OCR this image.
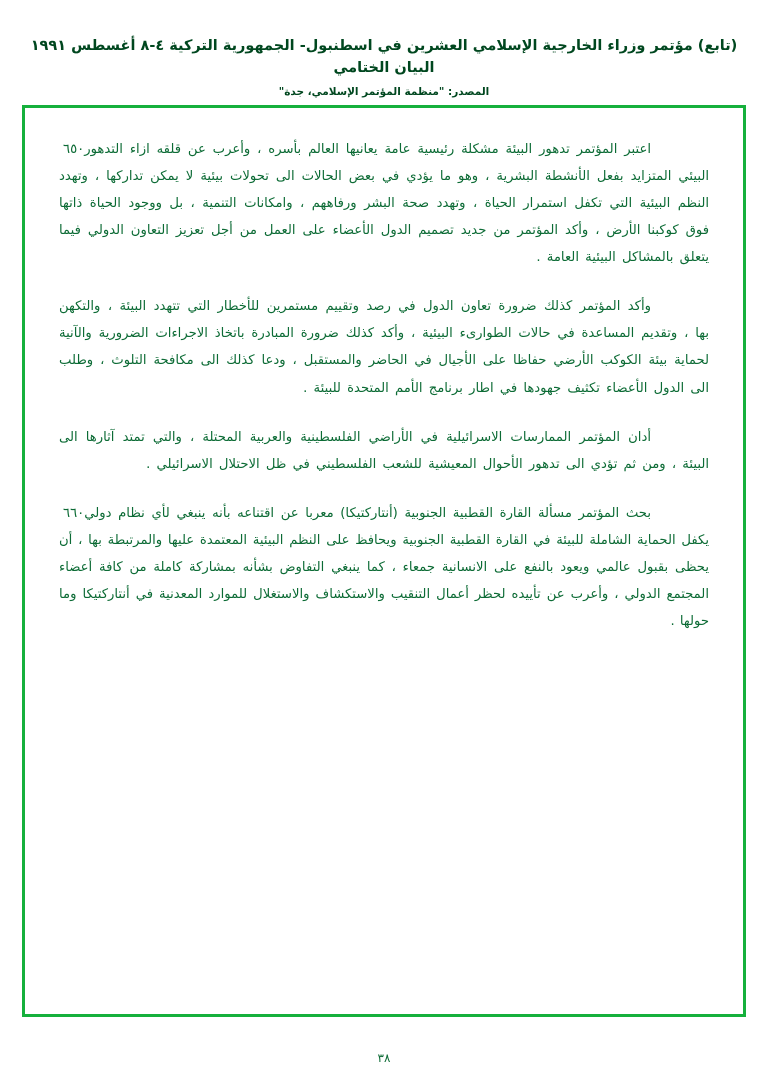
(تابع) مؤتمر وزراء الخارجية الإسلامي العشرين في اسطنبول- الجمهورية التركية ٤-٨ أغسطس ١٩٩١ البيان الختامي
المصدر: "منظمة المؤتمر الإسلامي، جدة"

٦٥٠ اعتبر المؤتمر تدهور البيئة مشكلة رئيسية عامة يعانيها العالم بأسره ، وأعرب عن قلقه ازاء التدهور البيئي المتزايد بفعل الأنشطة البشرية ، وهو ما يؤدي في بعض الحالات الى تحولات بيئية لا يمكن تداركها ، وتهدد النظم البيئية التي تكفل استمرار الحياة ، وتهدد صحة البشر ورفاههم ، وامكانات التنمية ، بل ووجود الحياة ذاتها فوق كوكبنا الأرض ، وأكد المؤتمر من جديد تصميم الدول الأعضاء على العمل من أجل تعزيز التعاون الدولي فيما يتعلق بالمشاكل البيئية العامة .

وأكد المؤتمر كذلك ضرورة تعاون الدول في رصد وتقييم مستمرين للأخطار التي تتهدد البيئة ، والتكهن بها ، وتقديم المساعدة في حالات الطوارىء البيئية ، وأكد كذلك ضرورة المبادرة باتخاذ الاجراءات الضرورية والآنية لحماية بيئة الكوكب الأرضي حفاظا على الأجيال في الحاضر والمستقبل ، ودعا كذلك الى مكافحة التلوث ، وطلب الى الدول الأعضاء تكثيف جهودها في اطار برنامج الأمم المتحدة للبيئة .

أدان المؤتمر الممارسات الاسرائيلية في الأراضي الفلسطينية والعربية المحتلة ، والتي تمتد آثارها الى البيئة ، ومن ثم تؤدي الى تدهور الأحوال المعيشية للشعب الفلسطيني في ظل الاحتلال الاسرائيلي .

٦٦٠ بحث المؤتمر مسألة القارة القطبية الجنوبية (أنتاركتيكا) معربا عن اقتناعه بأنه ينبغي لأي نظام دولي يكفل الحماية الشاملة للبيئة في القارة القطبية الجنوبية ويحافظ على النظم البيئية المعتمدة عليها والمرتبطة بها ، أن يحظى بقبول عالمي ويعود بالنفع على الانسانية جمعاء ، كما ينبغي التفاوض بشأنه بمشاركة كاملة من كافة أعضاء المجتمع الدولي ، وأعرب عن تأييده لحظر أعمال التنقيب والاستكشاف والاستغلال للموارد المعدنية في أنتاركتيكا وما حولها .

٣٨
